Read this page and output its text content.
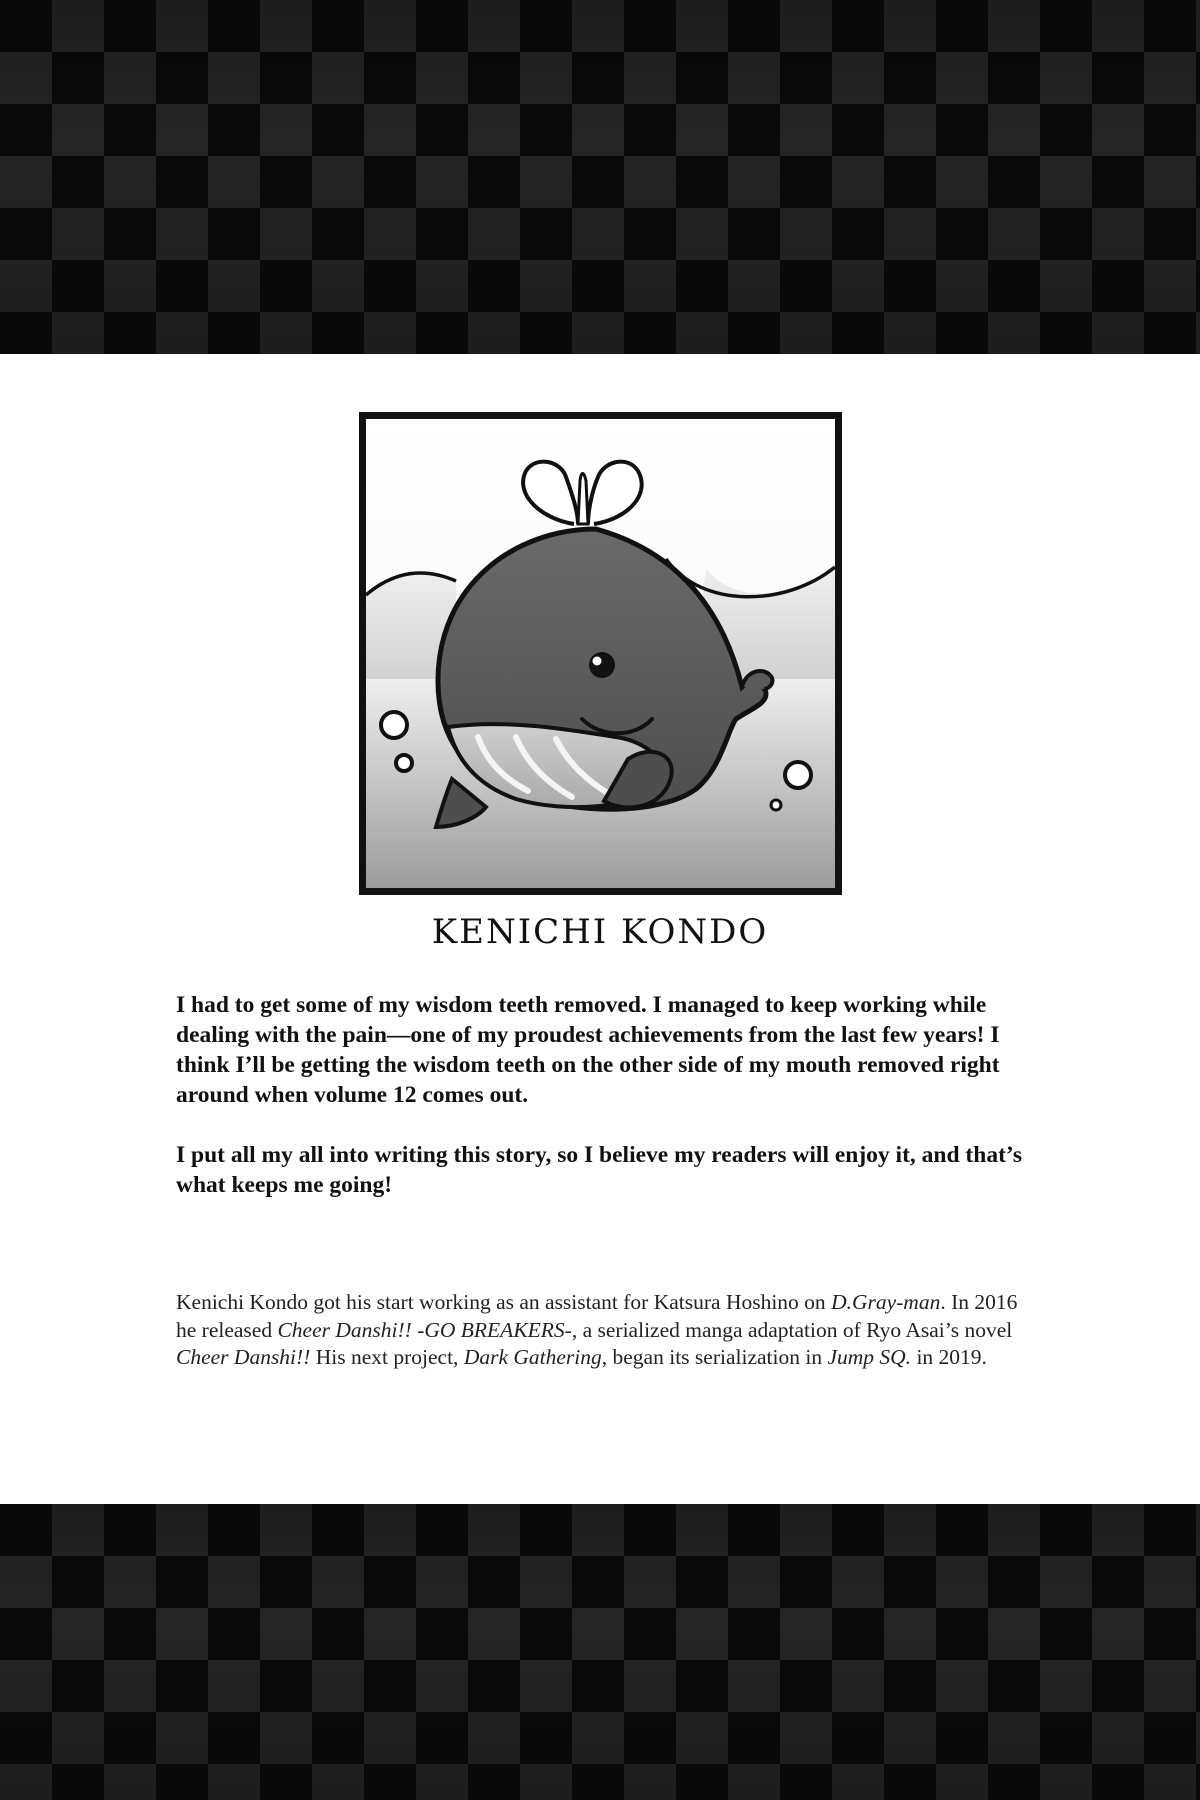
KENICHI KONDO

I had to get some of my wisdom teeth removed. I managed to keep working while dealing with the pain—one of my proudest achievements from the last few years! I think I’ll be getting the wisdom teeth on the other side of my mouth removed right around when volume 12 comes out.

I put all my all into writing this story, so I believe my readers will enjoy it, and that’s what keeps me going!

Kenichi Kondo got his start working as an assistant for Katsura Hoshino on D.Gray-man. In 2016 he released Cheer Danshi!! -GO BREAKERS-, a serialized manga adaptation of Ryo Asai’s novel Cheer Danshi!! His next project, Dark Gathering, began its serialization in Jump SQ. in 2019.
